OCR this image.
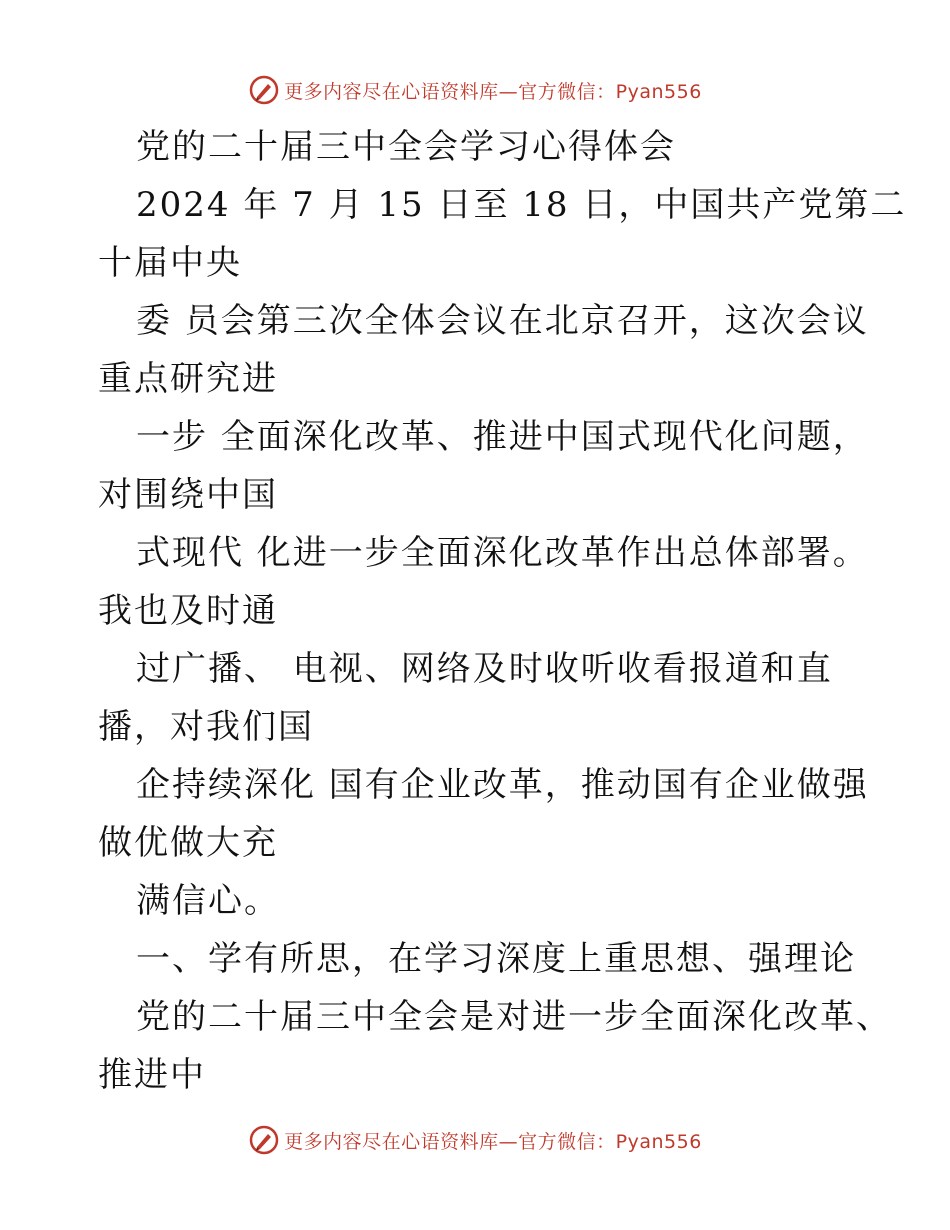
更多内容尽在心语资料库—官方微信：Pyan556
党的二十届三中全会学习心得体会
2024 年 7 月 15 日至 18 日，中国共产党第二
十届中央
委 员会第三次全体会议在北京召开，这次会议
重点研究进
一步 全面深化改革、推进中国式现代化问题，
对围绕中国
式现代 化进一步全面深化改革作出总体部署。
我也及时通
过广播、 电视、网络及时收听收看报道和直
播，对我们国
企持续深化 国有企业改革，推动国有企业做强
做优做大充
满信心。
一、学有所思，在学习深度上重思想、强理论
党的二十届三中全会是对进一步全面深化改革、
推进中
更多内容尽在心语资料库—官方微信：Pyan556
